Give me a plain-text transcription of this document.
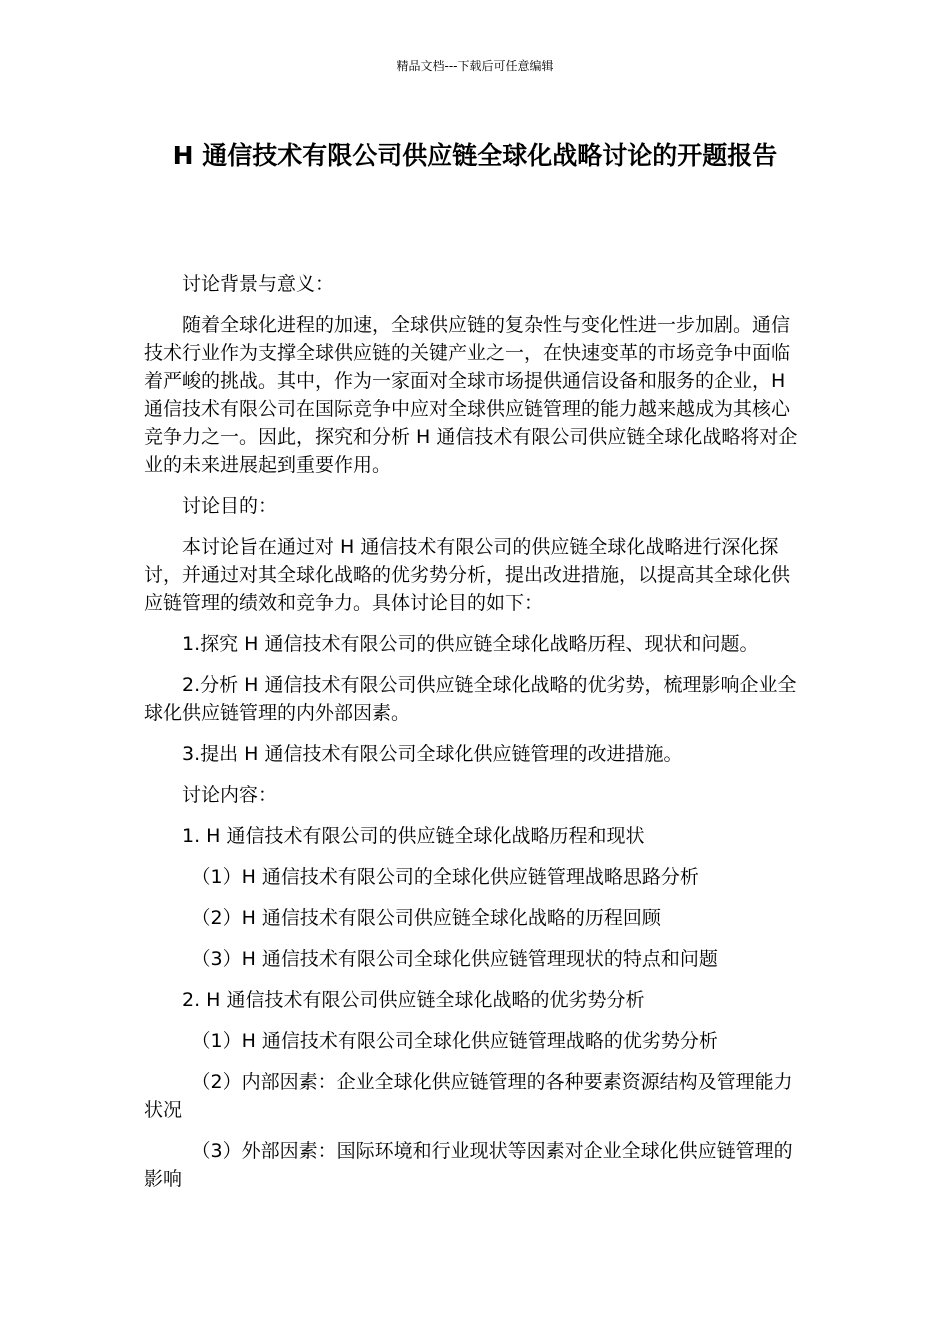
精品文档---下载后可任意编辑
H 通信技术有限公司供应链全球化战略讨论的开题报告

讨论背景与意义：

随着全球化进程的加速，全球供应链的复杂性与变化性进一步加剧。通信技术行业作为支撑全球供应链的关键产业之一，在快速变革的市场竞争中面临着严峻的挑战。其中，作为一家面对全球市场提供通信设备和服务的企业，H 通信技术有限公司在国际竞争中应对全球供应链管理的能力越来越成为其核心竞争力之一。因此，探究和分析 H 通信技术有限公司供应链全球化战略将对企业的未来进展起到重要作用。

讨论目的：

本讨论旨在通过对 H 通信技术有限公司的供应链全球化战略进行深化探讨，并通过对其全球化战略的优劣势分析，提出改进措施，以提高其全球化供应链管理的绩效和竞争力。具体讨论目的如下：

1.探究 H 通信技术有限公司的供应链全球化战略历程、现状和问题。

2.分析 H 通信技术有限公司供应链全球化战略的优劣势，梳理影响企业全球化供应链管理的内外部因素。

3.提出 H 通信技术有限公司全球化供应链管理的改进措施。

讨论内容：

1. H 通信技术有限公司的供应链全球化战略历程和现状

（1）H 通信技术有限公司的全球化供应链管理战略思路分析

（2）H 通信技术有限公司供应链全球化战略的历程回顾

（3）H 通信技术有限公司全球化供应链管理现状的特点和问题

2. H 通信技术有限公司供应链全球化战略的优劣势分析

（1）H 通信技术有限公司全球化供应链管理战略的优劣势分析

（2）内部因素：企业全球化供应链管理的各种要素资源结构及管理能力状况

（3）外部因素：国际环境和行业现状等因素对企业全球化供应链管理的影响
